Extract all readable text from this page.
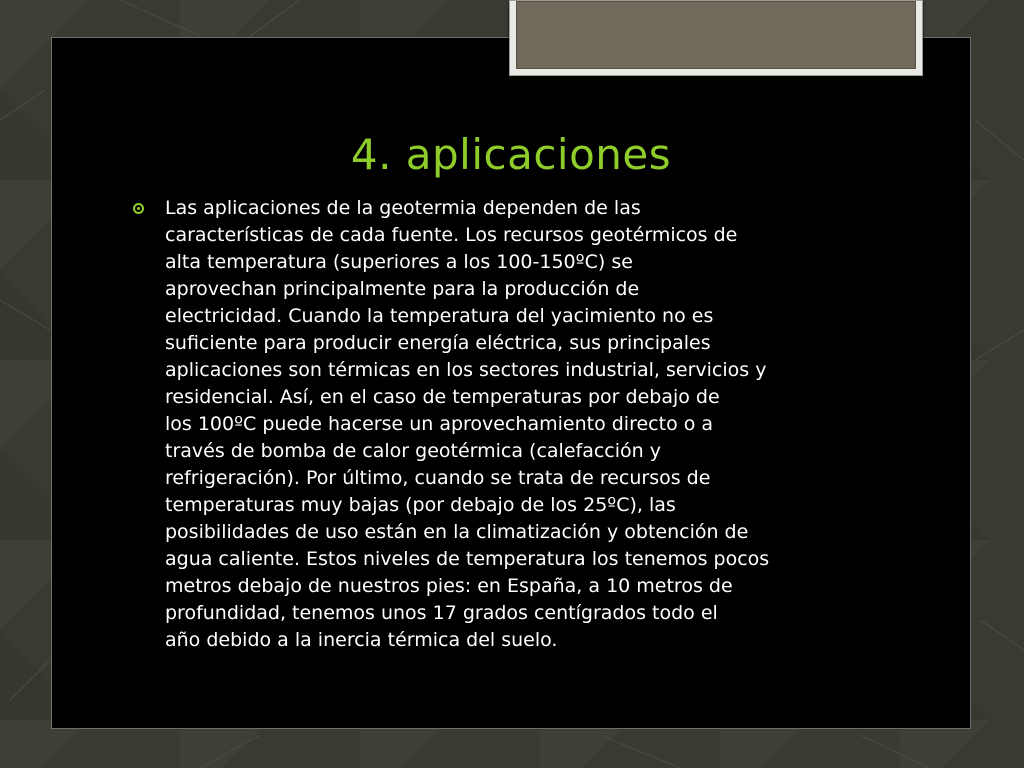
4. aplicaciones
Las aplicaciones de la geotermia dependen de las
características de cada fuente. Los recursos geotérmicos de
alta temperatura (superiores a los 100-150ºC) se
aprovechan principalmente para la producción de
electricidad. Cuando la temperatura del yacimiento no es
suficiente para producir energía eléctrica, sus principales
aplicaciones son térmicas en los sectores industrial, servicios y
residencial. Así, en el caso de temperaturas por debajo de
los 100ºC puede hacerse un aprovechamiento directo o a
través de bomba de calor geotérmica (calefacción y
refrigeración). Por último, cuando se trata de recursos de
temperaturas muy bajas (por debajo de los 25ºC), las
posibilidades de uso están en la climatización y obtención de
agua caliente. Estos niveles de temperatura los tenemos pocos
metros debajo de nuestros pies: en España, a 10 metros de
profundidad, tenemos unos 17 grados centígrados todo el
año debido a la inercia térmica del suelo.
